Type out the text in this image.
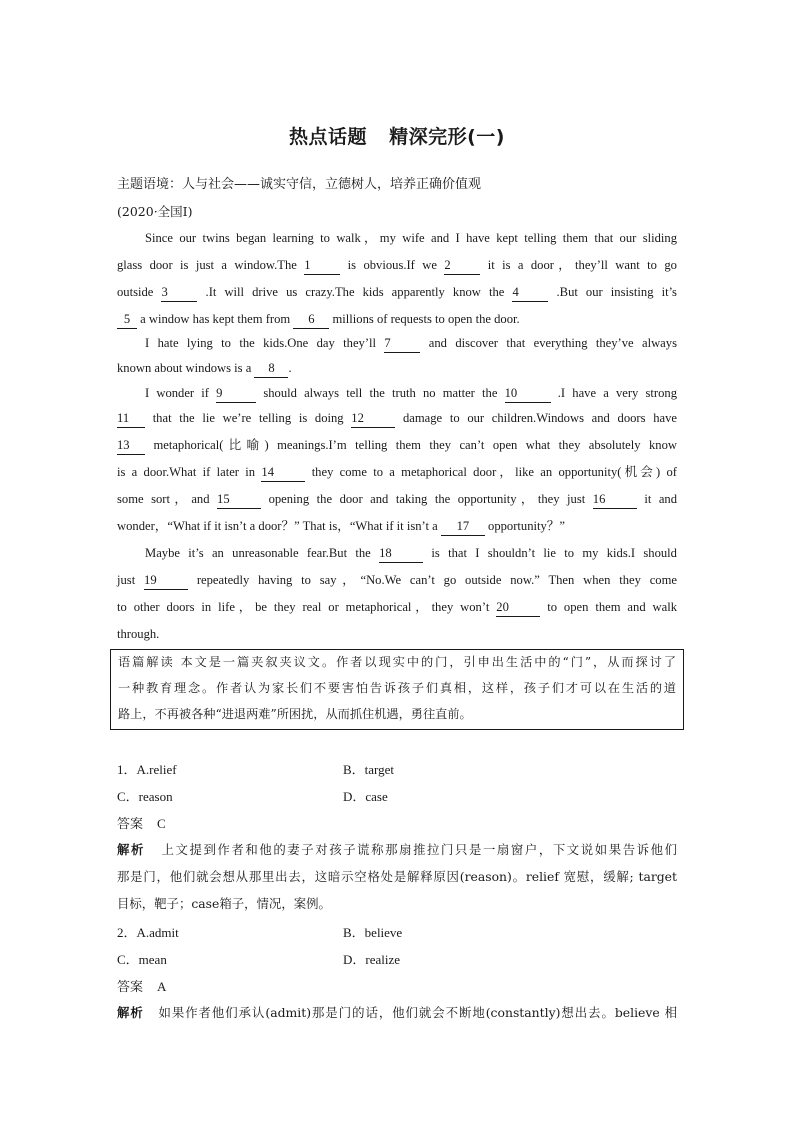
热点话题 精深完形(一)
主题语境：人与社会——诚实守信，立德树人，培养正确价值观
(2020·全国Ⅰ)
Since our twins began learning to walk，my wife and I have kept telling them that our sliding
glass door is just a window.The 1	is obvious.If we 2	it is a door，they’ll want to go
outside 3	.It will drive us crazy.The kids apparently know the 4	.But our insisting it’s
5 a window has kept them from 6 millions of requests to open the door.
I hate lying to the kids.One day they’ll 7	and discover that everything they’ve always
known about windows is a 8 .
I wonder if 9	should always tell the truth no matter the 10	.I have a very strong
11 that the lie we’re telling is doing 12	damage to our children.Windows and doors have
13 metaphorical(比喻) meanings.I’m telling them they can’t open what they absolutely know
is a door.What if later in 14	they come to a metaphorical door，like an opportunity(机会) of
some sort，and 15	opening the door and taking the opportunity，they just 16	it and
wonder，“What if it isn’t a door？” That is，“What if it isn’t a 17 opportunity？”
Maybe it’s an unreasonable fear.But the 18	is that I shouldn’t lie to my kids.I should
just 19	repeatedly having to say，“No.We can’t go outside now.” Then when they come
to other doors in life，be they real or metaphorical，they won’t 20	to open them and walk
through.
语篇解读 本文是一篇夹叙夹议文。作者以现实中的门，引申出生活中的“门”，从而探讨了
一种教育理念。作者认为家长们不要害怕告诉孩子们真相，这样，孩子们才可以在生活的道
路上，不再被各种“进退两难”所困扰，从而抓住机遇，勇往直前。
1．A.relief	B．target
C．reason	D．case
答案 C
解析 上文提到作者和他的妻子对孩子谎称那扇推拉门只是一扇窗户，下文说如果告诉他们
那是门，他们就会想从那里出去，这暗示空格处是解释原因(reason)。relief 宽慰，缓解; target
目标，靶子；case箱子，情况，案例。
2．A.admit	B．believe
C．mean	D．realize
答案 A
解析 如果作者他们承认(admit)那是门的话，他们就会不断地(constantly)想出去。believe 相
